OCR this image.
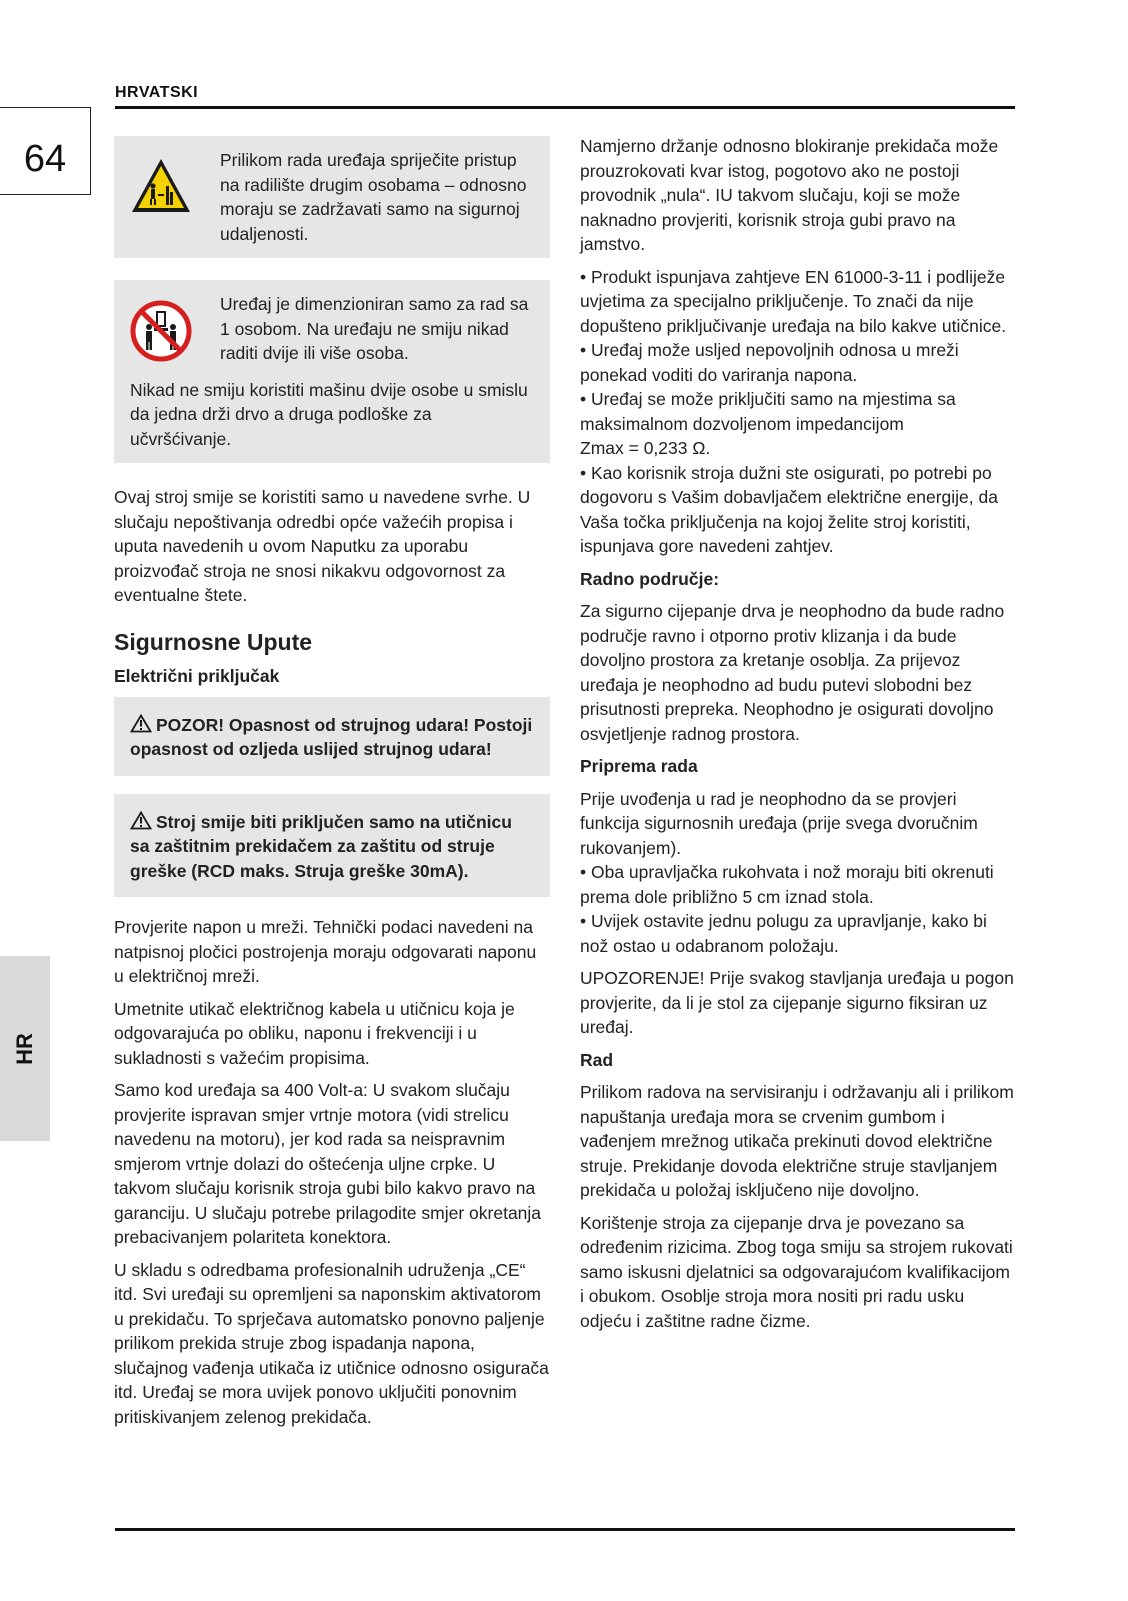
HRVATSKI
64
HR

Prilikom rada uređaja spriječite pristup na radilište drugim osobama – odnosno moraju se zadržavati samo na sigurnoj udaljenosti.

Uređaj je dimenzioniran samo za rad sa 1 osobom. Na uređaju ne smiju nikad raditi dvije ili više osoba.

Nikad ne smiju koristiti mašinu dvije osobe u smislu da jedna drži drvo a druga podloške za učvršćivanje.

Ovaj stroj smije se koristiti samo u navedene svrhe. U slučaju nepoštivanja odredbi opće važećih propisa i uputa navedenih u ovom Naputku za uporabu proizvođač stroja ne snosi nikakvu odgovornost za eventualne štete.

Sigurnosne Upute

Električni priključak

POZOR! Opasnost od strujnog udara! Postoji opasnost od ozljeda uslijed strujnog udara!
Stroj smije biti priključen samo na utičnicu sa zaštitnim prekidačem za zaštitu od struje greške (RCD maks. Struja greške 30mA).

Provjerite napon u mreži. Tehnički podaci navedeni na natpisnoj pločici postrojenja moraju odgovarati naponu u električnoj mreži.

Umetnite utikač električnog kabela u utičnicu koja je odgovarajuća po obliku, naponu i frekvenciji i u sukladnosti s važećim propisima.

Samo kod uređaja sa 400 Volt-a: U svakom slučaju provjerite ispravan smjer vrtnje motora (vidi strelicu navedenu na motoru), jer kod rada sa neispravnim smjerom vrtnje dolazi do oštećenja uljne crpke. U takvom slučaju korisnik stroja gubi bilo kakvo pravo na garanciju. U slučaju potrebe prilagodite smjer okretanja prebacivanjem polariteta konektora.

U skladu s odredbama profesionalnih udruženja „CE“ itd. Svi uređaji su opremljeni sa naponskim aktivatorom u prekidaču. To sprječava automatsko ponovno paljenje prilikom prekida struje zbog ispadanja napona, slučajnog vađenja utikača iz utičnice odnosno osigurača itd. Uređaj se mora uvijek ponovo uključiti ponovnim pritiskivanjem zelenog prekidača.

Namjerno držanje odnosno blokiranje prekidača može prouzrokovati kvar istog, pogotovo ako ne postoji provodnik „nula“. IU takvom slučaju, koji se može naknadno provjeriti, korisnik stroja gubi pravo na jamstvo.

• Produkt ispunjava zahtjeve EN 61000-3-11 i podliježe uvjetima za specijalno priključenje. To znači da nije dopušteno priključivanje uređaja na bilo kakve utičnice.

• Uređaj može usljed nepovoljnih odnosa u mreži ponekad voditi do variranja napona.

• Uređaj se može priključiti samo na mjestima sa maksimalnom dozvoljenom impedancijom

Zmax = 0,233 Ω.

• Kao korisnik stroja dužni ste osigurati, po potrebi po dogovoru s Vašim dobavljačem električne energije, da Vaša točka priključenja na kojoj želite stroj koristiti, ispunjava gore navedeni zahtjev.

Radno područje:

Za sigurno cijepanje drva je neophodno da bude radno područje ravno i otporno protiv klizanja i da bude dovoljno prostora za kretanje osoblja. Za prijevoz uređaja je neophodno ad budu putevi slobodni bez prisutnosti prepreka. Neophodno je osigurati dovoljno osvjetljenje radnog prostora.

Priprema rada

Prije uvođenja u rad je neophodno da se provjeri funkcija sigurnosnih uređaja (prije svega dvoručnim rukovanjem).

• Oba upravljačka rukohvata i nož moraju biti okrenuti prema dole približno 5 cm iznad stola.

• Uvijek ostavite jednu polugu za upravljanje, kako bi nož ostao u odabranom položaju.

UPOZORENJE! Prije svakog stavljanja uređaja u pogon provjerite, da li je stol za cijepanje sigurno fiksiran uz uređaj.

Rad

Prilikom radova na servisiranju i održavanju ali i prilikom napuštanja uređaja mora se crvenim gumbom i vađenjem mrežnog utikača prekinuti dovod električne struje. Prekidanje dovoda električne struje stavljanjem prekidača u položaj isključeno nije dovoljno.

Korištenje stroja za cijepanje drva je povezano sa određenim rizicima. Zbog toga smiju sa strojem rukovati samo iskusni djelatnici sa odgovarajućom kvalifikacijom i obukom. Osoblje stroja mora nositi pri radu usku odjeću i zaštitne radne čizme.
